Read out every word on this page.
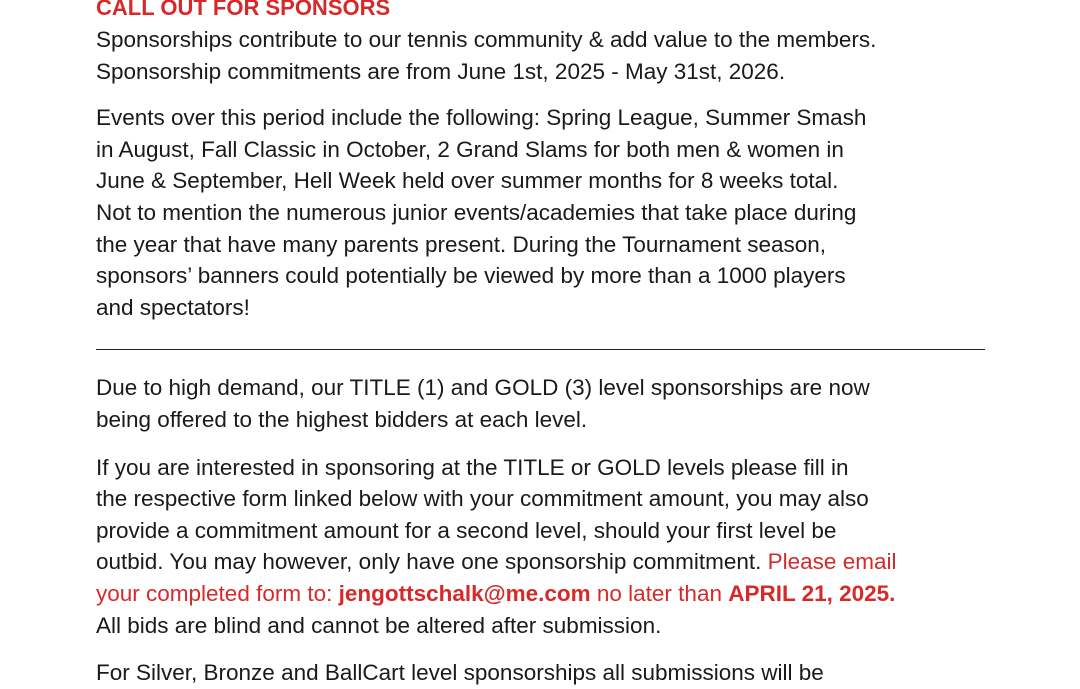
CALL OUT FOR SPONSORS

Sponsorships contribute to our tennis community & add value to the members.
Sponsorship commitments are from June 1st, 2025 - May 31st, 2026.

Events over this period include the following: Spring League, Summer Smash
in August, Fall Classic in October, 2 Grand Slams for both men & women in
June & September, Hell Week held over summer months for 8 weeks total.
Not to mention the numerous junior events/academies that take place during
the year that have many parents present. During the Tournament season,
sponsors’ banners could potentially be viewed by more than a 1000 players
and spectators!

Due to high demand, our TITLE (1) and GOLD (3) level sponsorships are now
being offered to the highest bidders at each level.

If you are interested in sponsoring at the TITLE or GOLD levels please fill in
the respective form linked below with your commitment amount, you may also
provide a commitment amount for a second level, should your first level be
outbid. You may however, only have one sponsorship commitment. Please email
your completed form to: jengottschalk@me.com no later than APRIL 21, 2025.
All bids are blind and cannot be altered after submission.

For Silver, Bronze and BallCart level sponsorships all submissions will be
